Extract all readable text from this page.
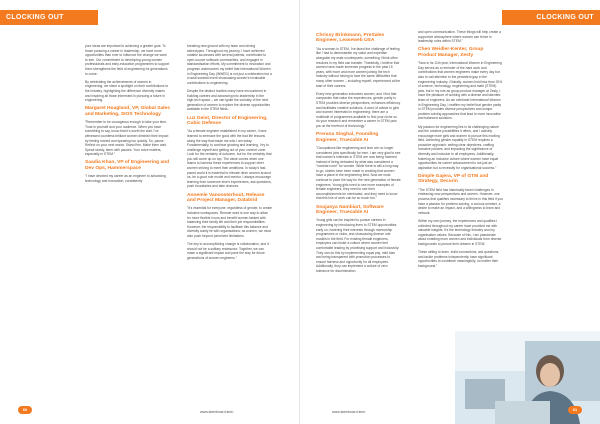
CLOCKING OUT	CLOCKING OUT

your ideas are important to achieving a greater goal. To those pursuing a career in leadership, we have more opportunities than ever to influence the change we want to see. Our commitment to developing young women professionals and early-education programmes to support them strengthens the field of engineering for generations to come.

By celebrating the achievements of women in engineering, we shine a spotlight on their contributions to the industry, highlighting the difference diversity makes and inspiring all those interested in pursuing a future in engineering.

Margaret Hoagland, VP, Global Sales and Marketing, SIOS Technology

"Remember to be courageous enough to take your time, Trust in yourself and your audience. When you have something to say, know that it's worth the wait. I've witnessed countless brilliant women diminish their impact by feeling rushed and speaking too quickly. So, pause. Reflect on your next words. Stand firm. Make them wait. Speak slowly, steer with pauses. Your voice matters, especially in STEM."

Saadia Khan, VP of Engineering and Dev Ops, Hammerspace

"I have devoted my career as an engineer to advancing technology and innovation, consistently

breaking new ground with my team and driving stereotypes. Throughout my journey, I have achieved notable successes with several patents, contributed to open-source software communities, and engaged in standardisation efforts. My commitment to innovation and progress underscores my belief that International Women in Engineering Day (INWED) is not just a celebration but a crucial societal event showcasing women's invaluable contributions to engineering.

Despite the distinct hurdles many have encountered in building careers and advancing into leadership in the high-tech space – we can ignite the curiosity of the next generation of women to explore the diverse opportunities available in the STEM fields.

Luz Geist, Director of Engineering, Cubic Defense

"As a female engineer established in my career, I have learned to embrace the good with the bad life lessons along the way that made me who I am today. Fundamentally, to continue growing and learning, I try to challenge myself and getting out of your comfort zone. Look for the certainty of outcome, but for the certainty that you will come up on top. The value comes when one learns to harness these experiences to support other women striving to meet their ambitions. In today's fast-paced world it is essential to elevate other women around us, be a good role model and mentor. I always encourage learning from someone else's experiences, ask questions, push boundaries and take chances.

Annemie Vanoosterhout, Release and Project Manager, Databrid

"It's essential for everyone, regardless of gender, to create inclusive workspaces. Remote work is one way to allow for more flexible hours and benefit women tasked with balancing their family life and their job responsibilities. However, the responsibility to facilitate this balance and diversity solely lie with organisations; as women, we must also push beyond perceived limitations.

The key to accomplishing change is collaboration, and it should not be a solitary endeavour. Together, we can make a significant impact and pave the way for future generations of women engineers."

Chrissy Brinkmann, PreSales Engineer, Leaseweb USA

"As a woman in STEM, I've faced the challenge of feeling like I had to demonstrate my value and expertise alongside my male counterparts, something I think often resolves in my field can transfer. Thankfully, I believe that women have made immense progress in the past 15 years, with more and more women joining the tech industry without having to face the same difficulties that many other women – including myself, experienced at the start of their careers.

Every new generation inductees women, and I find that companies that value the experiences, gender parity is STEM provides diverse perspectives, enhances efficiency and facilitates creative solutions. A word of advice to girls and women interested in engineering: there are a multitude of programmes available to find your niche so do your research and remember a career in STEM puts you at the forefront of technology."

Prerana Singhal, Founding Engineer, Truecable AI

"Occupations like engineering and tech are no longer considered jobs specifically for men. I am very glad to see that women's interests in STEM are now being fostered instead of being detracted by what was considered a "societal norm" for women. While there is still a long way to go, strides have been made in creating that women have a place in the engineering field. Now we must continue to pave the way for the new generation of female engineers. Young girls need to see more examples of female engineers, they need to see their accomplishments be celebrated, and they need to know that this line of work can be so much fun."

Soujanya Nambiart, Software Engineer, Truecable AI

Young girls can be inspired to pursue careers in engineering by introducing them to STEM opportunities early on, fostering their interests through mentorship programmes or clubs, and showcasing diverse role models in the field. For existing female engineers, employers can foster a culture where women feel comfortable leading by prioritising support and inclusivity. They can do this by implementing equal pay, mild bias and being transparent with promotion processes to ensure fairness and opportunity for all employees. Additionally, they can implement a culture of zero tolerance for discrimination

and open communication. These things will help create a supportive atmosphere where women can thrive in leadership roles within STEM."

Chen Weidler-Kenter, Group Product Manager, Zesty

"Now in its 11th year, International Women in Engineering Day serves as a reminder of the hard work and contributions that women engineers make every day but also to call attention to the persistent gap in the engineering industry. Globally, women hold less than 20% of science, technology, engineering and math (STEM) jobs, but in my role as group product manager at Zesty, I have the pleasure of working with a diverse and talented team of engineers. As we celebrate International Women in Engineering Day, I reaffirm my belief that gender parity in STEM provides diverse perspectives and unique problem-solving approaches that lead to more innovative and balanced solutions.

My passion for engineering lies in its challenging nature and the creative possibilities it offers, and I actively encourage more girls and women to pursue this exciting field. Achieving gender equality in STEM requires a proactive approach: setting clear objectives, crafting inclusive policies, and impacting the significance of diversity and inclusion to all employees. Additionally, fostering an inclusive culture where women have equal opportunities for career advancement is not just an aspiration but a necessity for organisational success."

Dimple Gajera, VP of GTM and Strategy, Securin

"The STEM field has historically faced challenges in embracing new perspectives and women. However, one process that qualifies necessary to thrive in this field if you have a passion for problem-solving, a curious mindset, a desire to make an impact, and a willingness to learn and network.

Within my own journey, the experiences and qualities I collected throughout my career have provided me with valuable insights. It's the technology industry and my organisation values. Because of this, I am passionate about enabling more women and individuals from diverse backgrounds to pursue their dreams in STEM.

These willing to learn, build connections, ask questions, and tackle problems independently have significant opportunities to contribute meaningfully, no matter their background."

60	www.stemboard.tech	www.stemboard.tech	61
